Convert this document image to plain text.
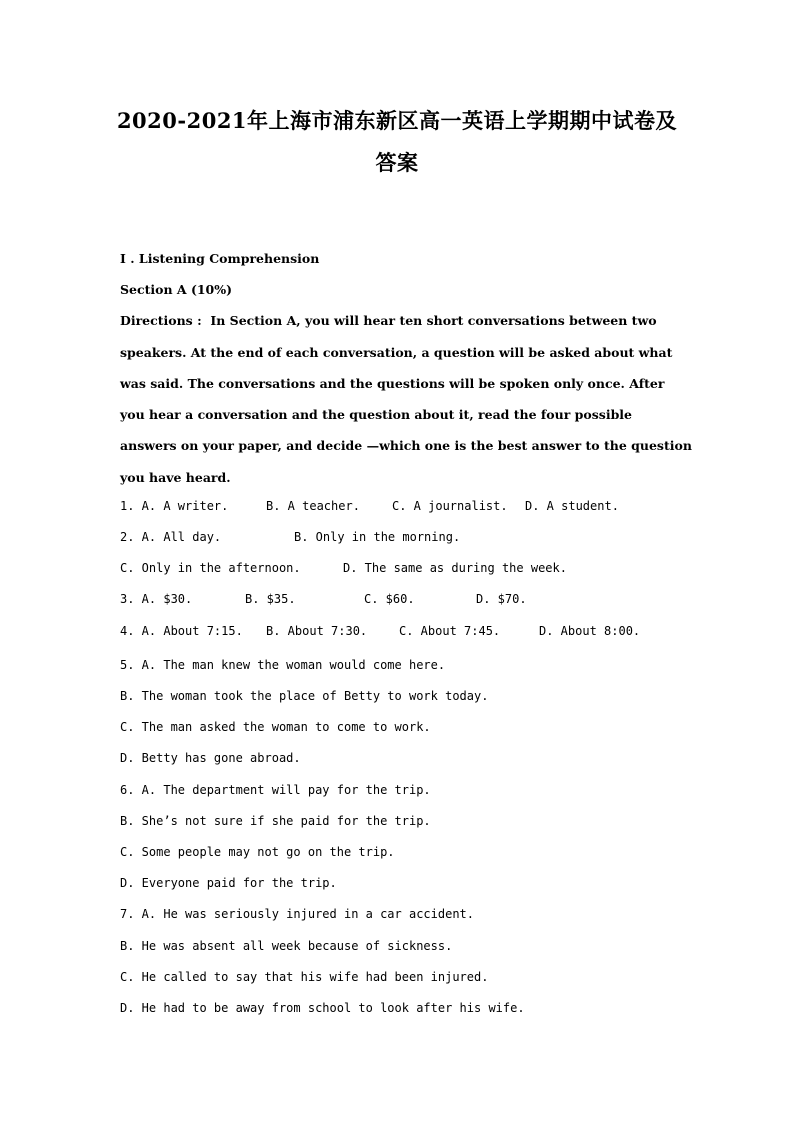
2020-2021年上海市浦东新区高一英语上学期期中试卷及答案
I . Listening Comprehension
Section A (10%)
Directions :  In Section A, you will hear ten short conversations between two
speakers. At the end of each conversation, a question will be asked about what
was said. The conversations and the questions will be spoken only once. After
you hear a conversation and the question about it, read the four possible
answers on your paper, and decide —which one is the best answer to the question
you have heard.
1. A. A writer.	B. A teacher.	C. A journalist. D. A student.
2. A. All day.	B. Only in the morning.
C. Only in the afternoon.	D. The same as during the week.
3. A. $30.	B. $35.	C. $60.	D. $70.
4. A. About 7:15. B. About 7:30.	C. About 7:45.	D. About 8:00.
5. A. The man knew the woman would come here.
B. The woman took the place of Betty to work today.
C. The man asked the woman to come to work.
D. Betty has gone abroad.
6. A. The department will pay for the trip.
B. She’s not sure if she paid for the trip.
C. Some people may not go on the trip.
D. Everyone paid for the trip.
7. A. He was seriously injured in a car accident.
B. He was absent all week because of sickness.
C. He called to say that his wife had been injured.
D. He had to be away from school to look after his wife.
